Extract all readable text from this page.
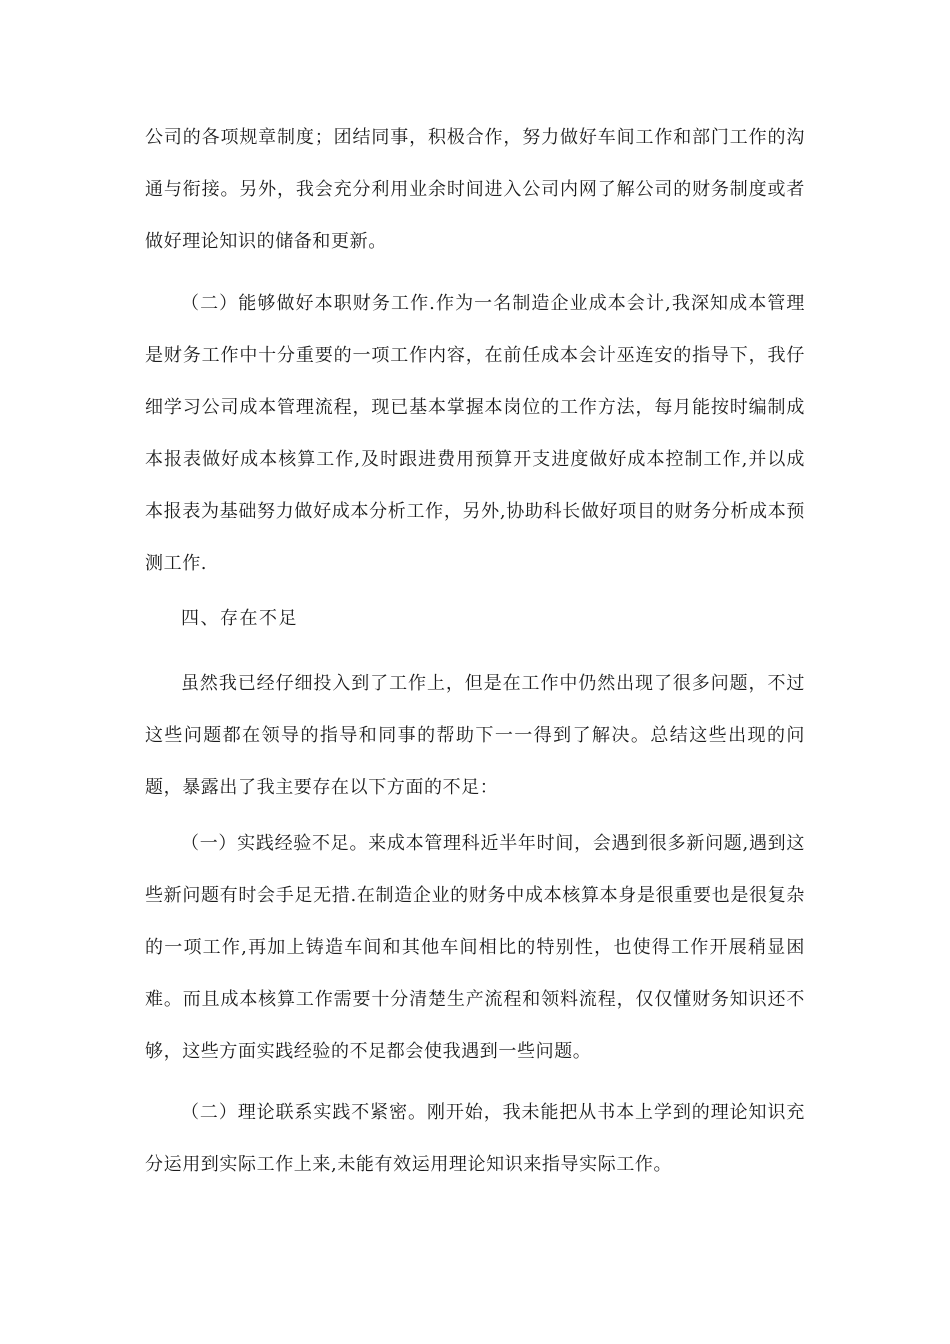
公司的各项规章制度；团结同事，积极合作，努力做好车间工作和部门工作的沟通与衔接。另外，我会充分利用业余时间进入公司内网了解公司的财务制度或者做好理论知识的储备和更新。

（二）能够做好本职财务工作.作为一名制造企业成本会计,我深知成本管理是财务工作中十分重要的一项工作内容，在前任成本会计巫连安的指导下，我仔细学习公司成本管理流程，现已基本掌握本岗位的工作方法，每月能按时编制成本报表做好成本核算工作,及时跟进费用预算开支进度做好成本控制工作,并以成本报表为基础努力做好成本分析工作，另外,协助科长做好项目的财务分析成本预测工作.

四、存在不足

虽然我已经仔细投入到了工作上，但是在工作中仍然出现了很多问题，不过这些问题都在领导的指导和同事的帮助下一一得到了解决。总结这些出现的问题，暴露出了我主要存在以下方面的不足：

（一）实践经验不足。来成本管理科近半年时间，会遇到很多新问题,遇到这些新问题有时会手足无措.在制造企业的财务中成本核算本身是很重要也是很复杂的一项工作,再加上铸造车间和其他车间相比的特别性，也使得工作开展稍显困难。而且成本核算工作需要十分清楚生产流程和领料流程，仅仅懂财务知识还不够，这些方面实践经验的不足都会使我遇到一些问题。

（二）理论联系实践不紧密。刚开始，我未能把从书本上学到的理论知识充分运用到实际工作上来,未能有效运用理论知识来指导实际工作。
